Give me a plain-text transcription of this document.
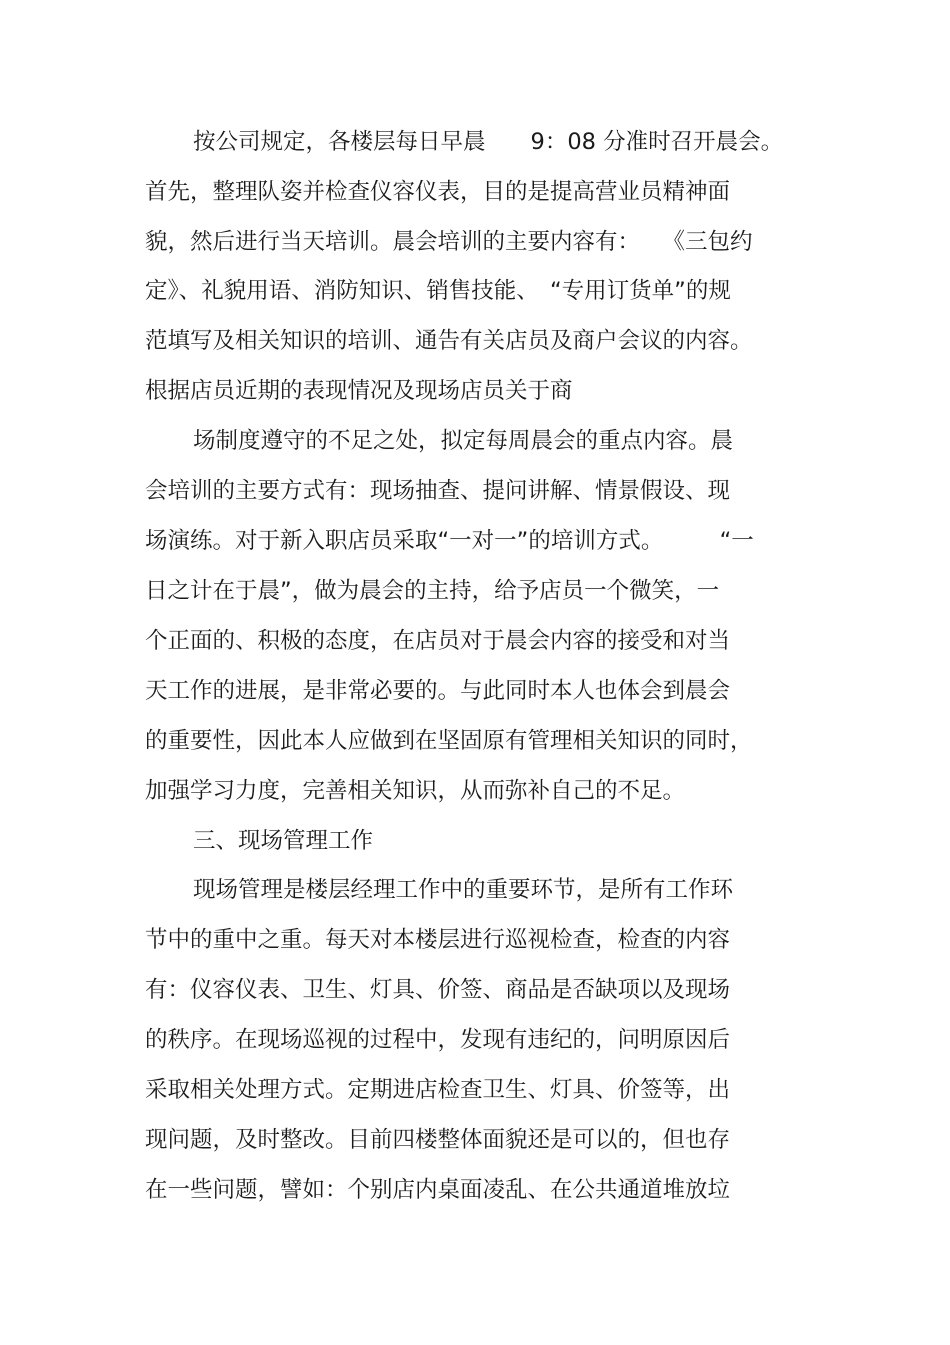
按公司规定，各楼层每日早晨　　9：08 分准时召开晨会。
首先，整理队姿并检查仪容仪表，目的是提高营业员精神面
貌，然后进行当天培训。晨会培训的主要内容有：　　《三包约
定》、礼貌用语、消防知识、销售技能、　“专用订货单”的规
范填写及相关知识的培训、通告有关店员及商户会议的内容。
根据店员近期的表现情况及现场店员关于商
场制度遵守的不足之处，拟定每周晨会的重点内容。晨
会培训的主要方式有：现场抽查、提问讲解、情景假设、现
场演练。对于新入职店员采取“一对一”的培训方式。　　　“一
日之计在于晨”，做为晨会的主持，给予店员一个微笑，一
个正面的、积极的态度，在店员对于晨会内容的接受和对当
天工作的进展，是非常必要的。与此同时本人也体会到晨会
的重要性，因此本人应做到在坚固原有管理相关知识的同时，
加强学习力度，完善相关知识，从而弥补自己的不足。
三、现场管理工作
现场管理是楼层经理工作中的重要环节，是所有工作环
节中的重中之重。每天对本楼层进行巡视检查，检查的内容
有：仪容仪表、卫生、灯具、价签、商品是否缺项以及现场
的秩序。在现场巡视的过程中，发现有违纪的，问明原因后
采取相关处理方式。定期进店检查卫生、灯具、价签等，出
现问题，及时整改。目前四楼整体面貌还是可以的，但也存
在一些问题，譬如：个别店内桌面凌乱、在公共通道堆放垃
